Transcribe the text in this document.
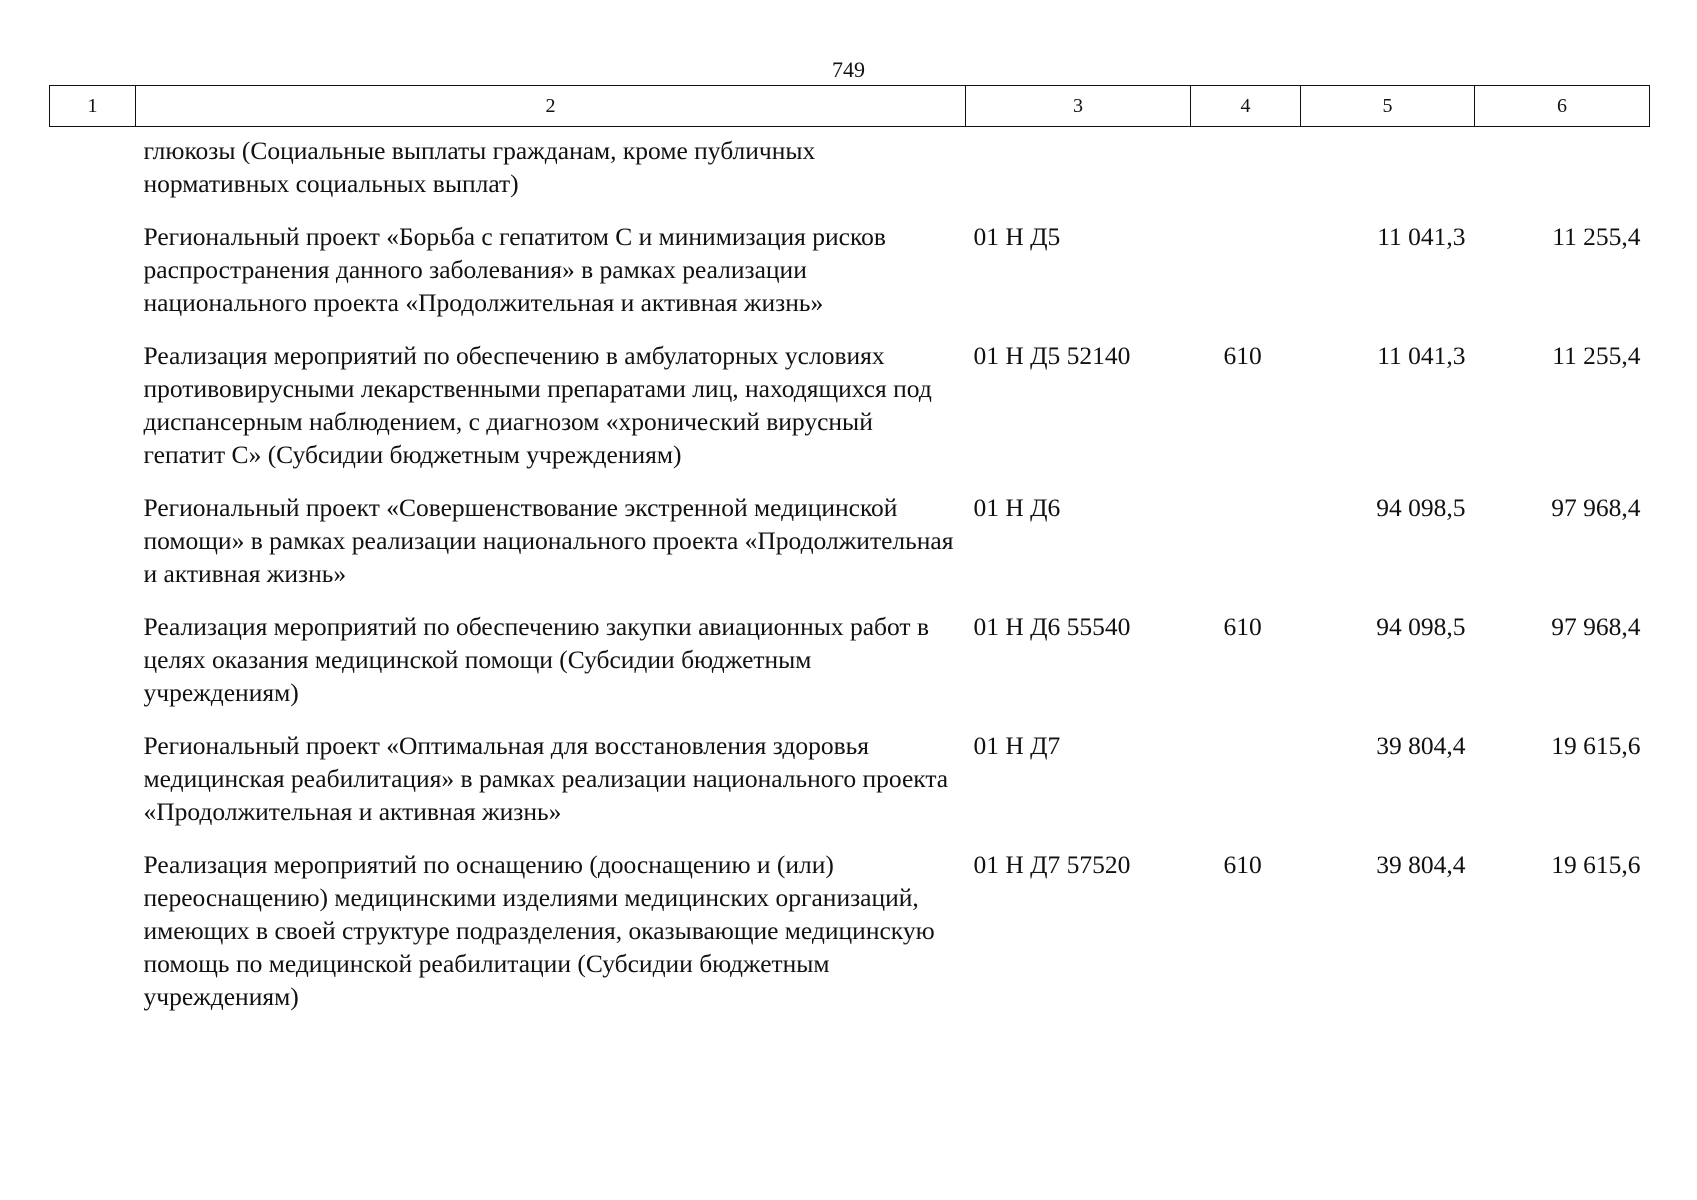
749
1	2	3	4	5	6
	глюкозы (Социальные выплаты гражданам, кроме публичных нормативных социальных выплат)				
	Региональный проект «Борьба с гепатитом С и минимизация рисков распространения данного заболевания» в рамках реализации национального проекта «Продолжительная и активная жизнь»	01 Н Д5		11 041,3	11 255,4
	Реализация мероприятий по обеспечению в амбулаторных условиях противовирусными лекарственными препаратами лиц, находящихся под диспансерным наблюдением, с диагнозом «хронический вирусный гепатит С» (Субсидии бюджетным учреждениям)	01 Н Д5 52140	610	11 041,3	11 255,4
	Региональный проект «Совершенствование экстренной медицинской помощи» в рамках реализации национального проекта «Продолжительная и активная жизнь»	01 Н Д6		94 098,5	97 968,4
	Реализация мероприятий по обеспечению закупки авиационных работ в целях оказания медицинской помощи (Субсидии бюджетным учреждениям)	01 Н Д6 55540	610	94 098,5	97 968,4
	Региональный проект «Оптимальная для восстановления здоровья медицинская реабилитация» в рамках реализации национального проекта «Продолжительная и активная жизнь»	01 Н Д7		39 804,4	19 615,6
	Реализация мероприятий по оснащению (дооснащению и (или) переоснащению) медицинскими изделиями медицинских организаций, имеющих в своей структуре подразделения, оказывающие медицинскую помощь по медицинской реабилитации (Субсидии бюджетным учреждениям)	01 Н Д7 57520	610	39 804,4	19 615,6
